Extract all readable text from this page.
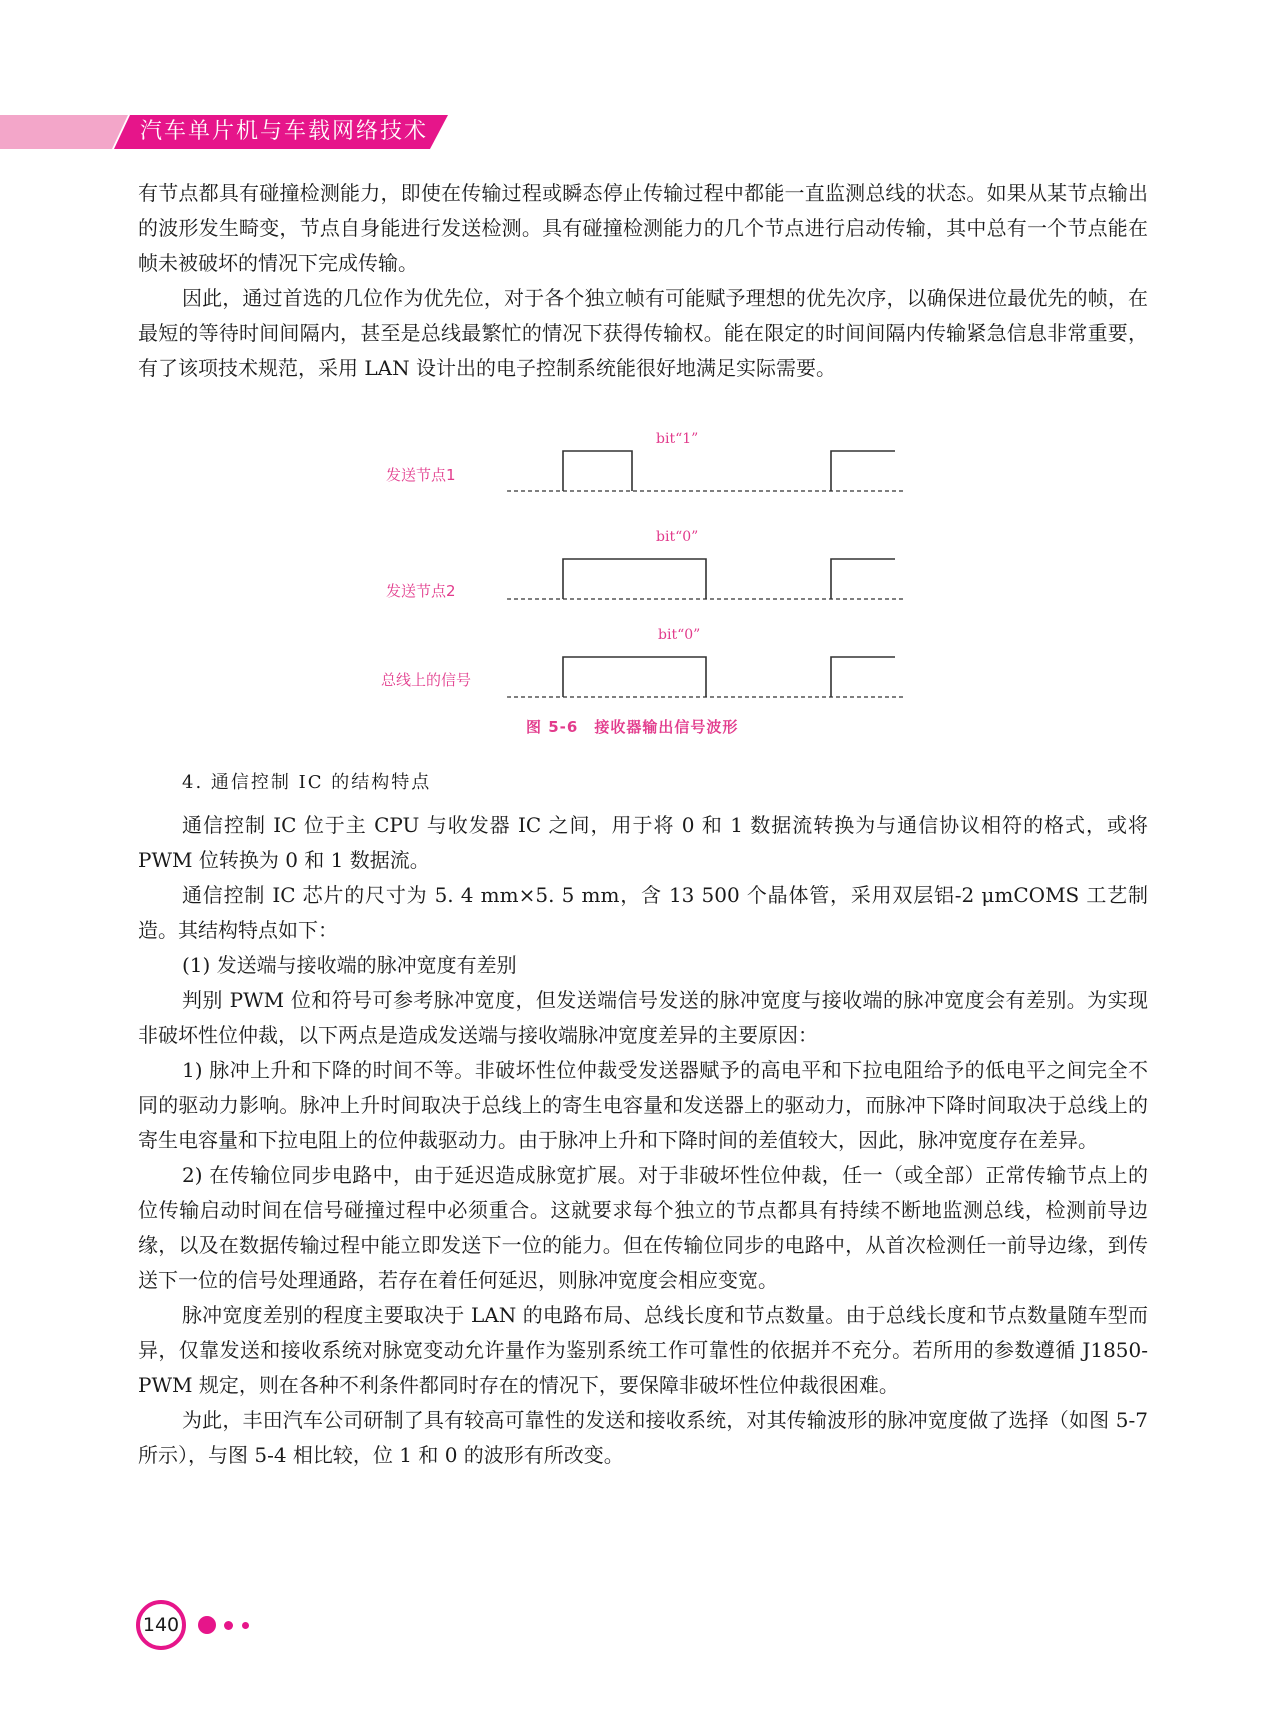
汽车单片机与车载网络技术

有节点都具有碰撞检测能力，即使在传输过程或瞬态停止传输过程中都能一直监测总线的状态。如果从某节点输出的波形发生畸变，节点自身能进行发送检测。具有碰撞检测能力的几个节点进行启动传输，其中总有一个节点能在帧未被破坏的情况下完成传输。

因此，通过首选的几位作为优先位，对于各个独立帧有可能赋予理想的优先次序，以确保进位最优先的帧，在最短的等待时间间隔内，甚至是总线最繁忙的情况下获得传输权。能在限定的时间间隔内传输紧急信息非常重要，有了该项技术规范，采用 LAN 设计出的电子控制系统能很好地满足实际需要。

发送节点1
bit“1”
发送节点2
bit“0”
总线上的信号
bit“0”
图 5-6　接收器输出信号波形
4. 通信控制 IC 的结构特点

通信控制 IC 位于主 CPU 与收发器 IC 之间，用于将 0 和 1 数据流转换为与通信协议相符的格式，或将 PWM 位转换为 0 和 1 数据流。

通信控制 IC 芯片的尺寸为 5. 4 mm×5. 5 mm，含 13 500 个晶体管，采用双层铝-2 μmCOMS 工艺制造。其结构特点如下：

(1) 发送端与接收端的脉冲宽度有差别

判别 PWM 位和符号可参考脉冲宽度，但发送端信号发送的脉冲宽度与接收端的脉冲宽度会有差别。为实现非破坏性位仲裁，以下两点是造成发送端与接收端脉冲宽度差异的主要原因：

1) 脉冲上升和下降的时间不等。非破坏性位仲裁受发送器赋予的高电平和下拉电阻给予的低电平之间完全不同的驱动力影响。脉冲上升时间取决于总线上的寄生电容量和发送器上的驱动力，而脉冲下降时间取决于总线上的寄生电容量和下拉电阻上的位仲裁驱动力。由于脉冲上升和下降时间的差值较大，因此，脉冲宽度存在差异。

2) 在传输位同步电路中，由于延迟造成脉宽扩展。对于非破坏性位仲裁，任一（或全部）正常传输节点上的位传输启动时间在信号碰撞过程中必须重合。这就要求每个独立的节点都具有持续不断地监测总线，检测前导边缘，以及在数据传输过程中能立即发送下一位的能力。但在传输位同步的电路中，从首次检测任一前导边缘，到传送下一位的信号处理通路，若存在着任何延迟，则脉冲宽度会相应变宽。

脉冲宽度差别的程度主要取决于 LAN 的电路布局、总线长度和节点数量。由于总线长度和节点数量随车型而异，仅靠发送和接收系统对脉宽变动允许量作为鉴别系统工作可靠性的依据并不充分。若所用的参数遵循 J1850-PWM 规定，则在各种不利条件都同时存在的情况下，要保障非破坏性位仲裁很困难。

为此，丰田汽车公司研制了具有较高可靠性的发送和接收系统，对其传输波形的脉冲宽度做了选择（如图 5-7 所示），与图 5-4 相比较，位 1 和 0 的波形有所改变。

140
